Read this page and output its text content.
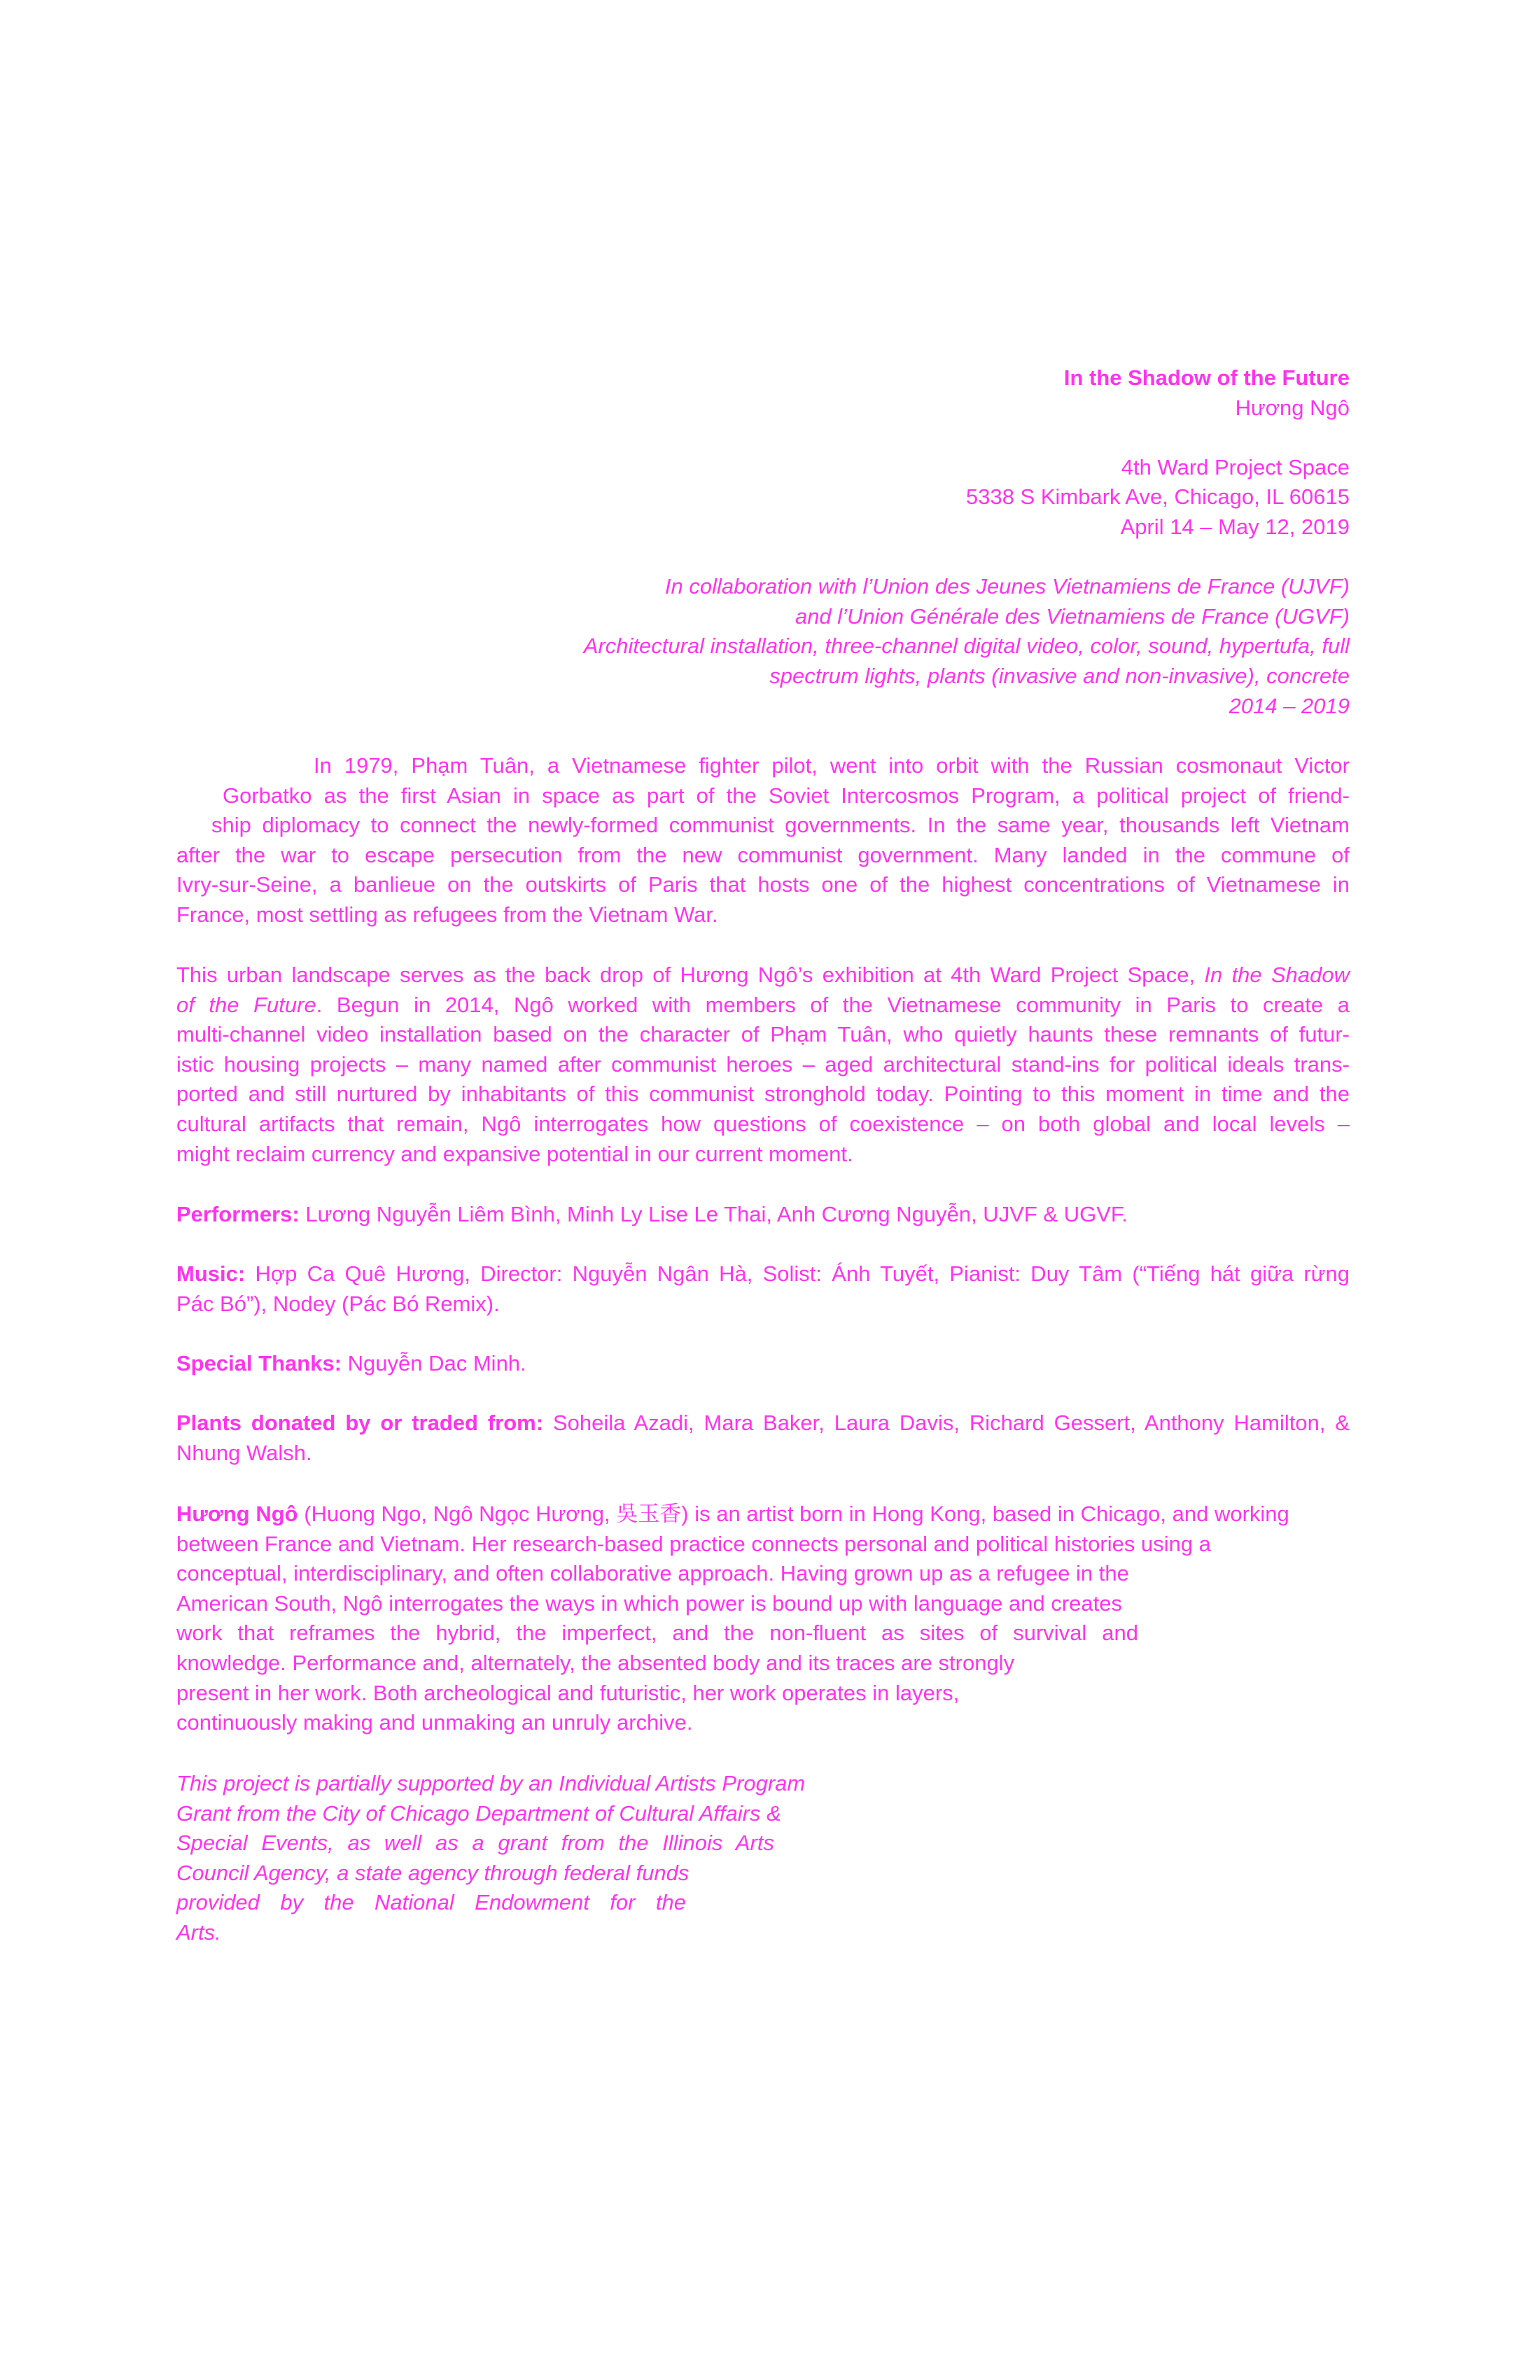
In the Shadow of the Future
Hương Ngô
4th Ward Project Space
5338 S Kimbark Ave, Chicago, IL 60615
April 14 – May 12, 2019
In collaboration with l’Union des Jeunes Vietnamiens de France (UJVF)
and l’Union Générale des Vietnamiens de France (UGVF)
Architectural installation, three-channel digital video, color, sound, hypertufa, full
spectrum lights, plants (invasive and non-invasive), concrete
2014 – 2019
In 1979, Phạm Tuân, a Vietnamese fighter pilot, went into orbit with the Russian cosmonaut Victor
Gorbatko as the first Asian in space as part of the Soviet Intercosmos Program, a political project of friend-
ship diplomacy to connect the newly-formed communist governments. In the same year, thousands left Vietnam
after the war to escape persecution from the new communist government. Many landed in the commune of
Ivry-sur-Seine, a banlieue on the outskirts of Paris that hosts one of the highest concentrations of Vietnamese in
France, most settling as refugees from the Vietnam War.
This urban landscape serves as the back drop of Hương Ngô’s exhibition at 4th Ward Project Space, In the Shadow
of the Future. Begun in 2014, Ngô worked with members of the Vietnamese community in Paris to create a
multi-channel video installation based on the character of Phạm Tuân, who quietly haunts these remnants of futur-
istic housing projects – many named after communist heroes – aged architectural stand-ins for political ideals trans-
ported and still nurtured by inhabitants of this communist stronghold today. Pointing to this moment in time and the
cultural artifacts that remain, Ngô interrogates how questions of coexistence – on both global and local levels –
might reclaim currency and expansive potential in our current moment.
Performers: Lương Nguyễn Liêm Bình, Minh Ly Lise Le Thai, Anh Cương Nguyễn, UJVF & UGVF.
Music: Hợp Ca Quê Hương, Director: Nguyễn Ngân Hà, Solist: Ánh Tuyết, Pianist: Duy Tâm (“Tiếng hát giữa rừng
Pác Bó”), Nodey (Pác Bó Remix).
Special Thanks: Nguyễn Dac Minh.
Plants donated by or traded from: Soheila Azadi, Mara Baker, Laura Davis, Richard Gessert, Anthony Hamilton, &
Nhung Walsh.
Hương Ngô (Huong Ngo, Ngô Ngọc Hương, 吳玉香) is an artist born in Hong Kong, based in Chicago, and working
between France and Vietnam. Her research-based practice connects personal and political histories using a
conceptual, interdisciplinary, and often collaborative approach. Having grown up as a refugee in the
American South, Ngô interrogates the ways in which power is bound up with language and creates
work that reframes the hybrid, the imperfect, and the non-fluent as sites of survival and
knowledge. Performance and, alternately, the absented body and its traces are strongly
present in her work. Both archeological and futuristic, her work operates in layers,
continuously making and unmaking an unruly archive.
This project is partially supported by an Individual Artists Program
Grant from the City of Chicago Department of Cultural Affairs &
Special Events, as well as a grant from the Illinois Arts
Council Agency, a state agency through federal funds
provided by the National Endowment for the
Arts.
